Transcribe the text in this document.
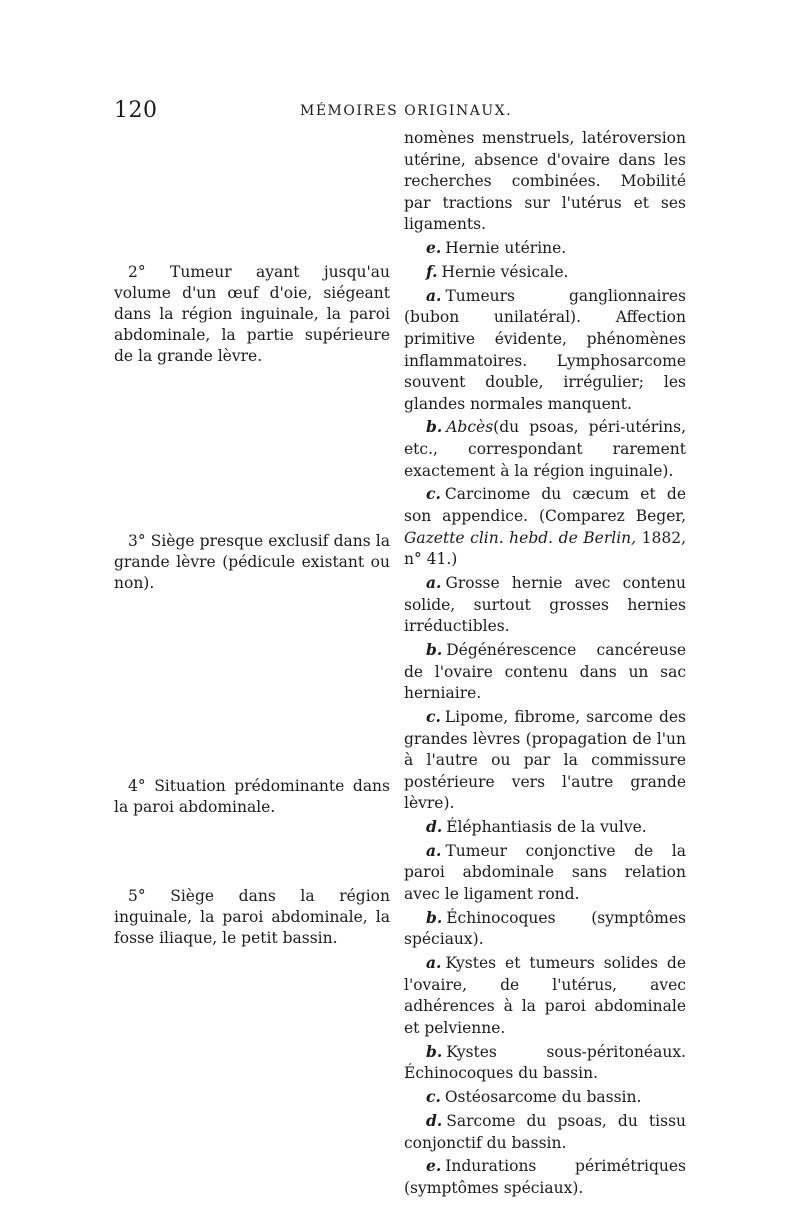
120	MÉMOIRES ORIGINAUX.

2° Tumeur ayant jusqu'au volume d'un œuf d'oie, siégeant dans la région inguinale, la paroi abdominale, la partie supérieure de la grande lèvre.

3° Siège presque exclusif dans la grande lèvre (pédicule existant ou non).

4° Situation prédominante dans la paroi abdominale.

5° Siège dans la région inguinale, la paroi abdominale, la fosse iliaque, le petit bassin.

nomènes menstruels, latéroversion utérine, absence d'ovaire dans les recherches combinées. Mobilité par tractions sur l'utérus et ses ligaments.

e. Hernie utérine.

f. Hernie vésicale.

a. Tumeurs ganglionnaires (bubon unilatéral). Affection primitive évidente, phénomènes inflammatoires. Lymphosarcome souvent double, irrégulier; les glandes normales manquent.

b. Abcès(du psoas, péri-utérins, etc., correspondant rarement exactement à la région inguinale).

c. Carcinome du cæcum et de son appendice. (Comparez Beger, Gazette clin. hebd. de Berlin, 1882, n° 41.)

a. Grosse hernie avec contenu solide, surtout grosses hernies irréductibles.

b. Dégénérescence cancéreuse de l'ovaire contenu dans un sac herniaire.

c. Lipome, fibrome, sarcome des grandes lèvres (propagation de l'un à l'autre ou par la commissure postérieure vers l'autre grande lèvre).

d. Éléphantiasis de la vulve.

a. Tumeur conjonctive de la paroi abdominale sans relation avec le ligament rond.

b. Échinocoques (symptômes spéciaux).

a. Kystes et tumeurs solides de l'ovaire, de l'utérus, avec adhérences à la paroi abdominale et pelvienne.

b. Kystes sous-péritonéaux. Échinocoques du bassin.

c. Ostéosarcome du bassin.

d. Sarcome du psoas, du tissu conjonctif du bassin.

e. Indurations périmétriques (symptômes spéciaux).
